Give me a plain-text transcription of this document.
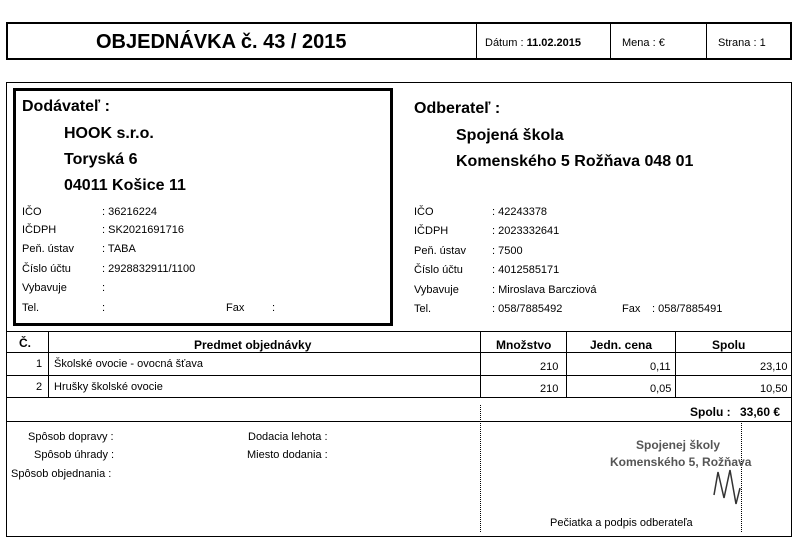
OBJEDNÁVKA č. 43 / 2015	Dátum : 11.02.2015	Mena : €	Strana : 1
Dodávateľ :
HOOK s.r.o.
Toryská 6
04011 Košice 11
IČO	: 36216224
IČDPH	: SK2021691716
Peň. ústav	: TABA
Číslo účtu	: 2928832911/1100
Vybavuje	:
Tel.	:	Fax	:
Odberateľ :
Spojená škola
Komenského 5 Rožňava 048 01
IČO	: 42243378
IČDPH	: 2023332641
Peň. ústav : 7500
Číslo účtu	: 4012585171
Vybavuje	: Miroslava Barcziová
Tel.	: 058/7885492	Fax : 058/7885491
Č.	Predmet objednávky	Množstvo	Jedn. cena	Spolu
1 Školské ovocie - ovocná šťava	210	0,11	23,10
2 Hrušky školské ovocie	210	0,05	10,50
Spolu : 33,60 €
Spôsob dopravy :
Spôsob úhrady :
Spôsob objednania :
Dodacia lehota :
Miesto dodania :
Spojenej školy
Komenského 5, Rožňava
Pečiatka a podpis odberateľa
